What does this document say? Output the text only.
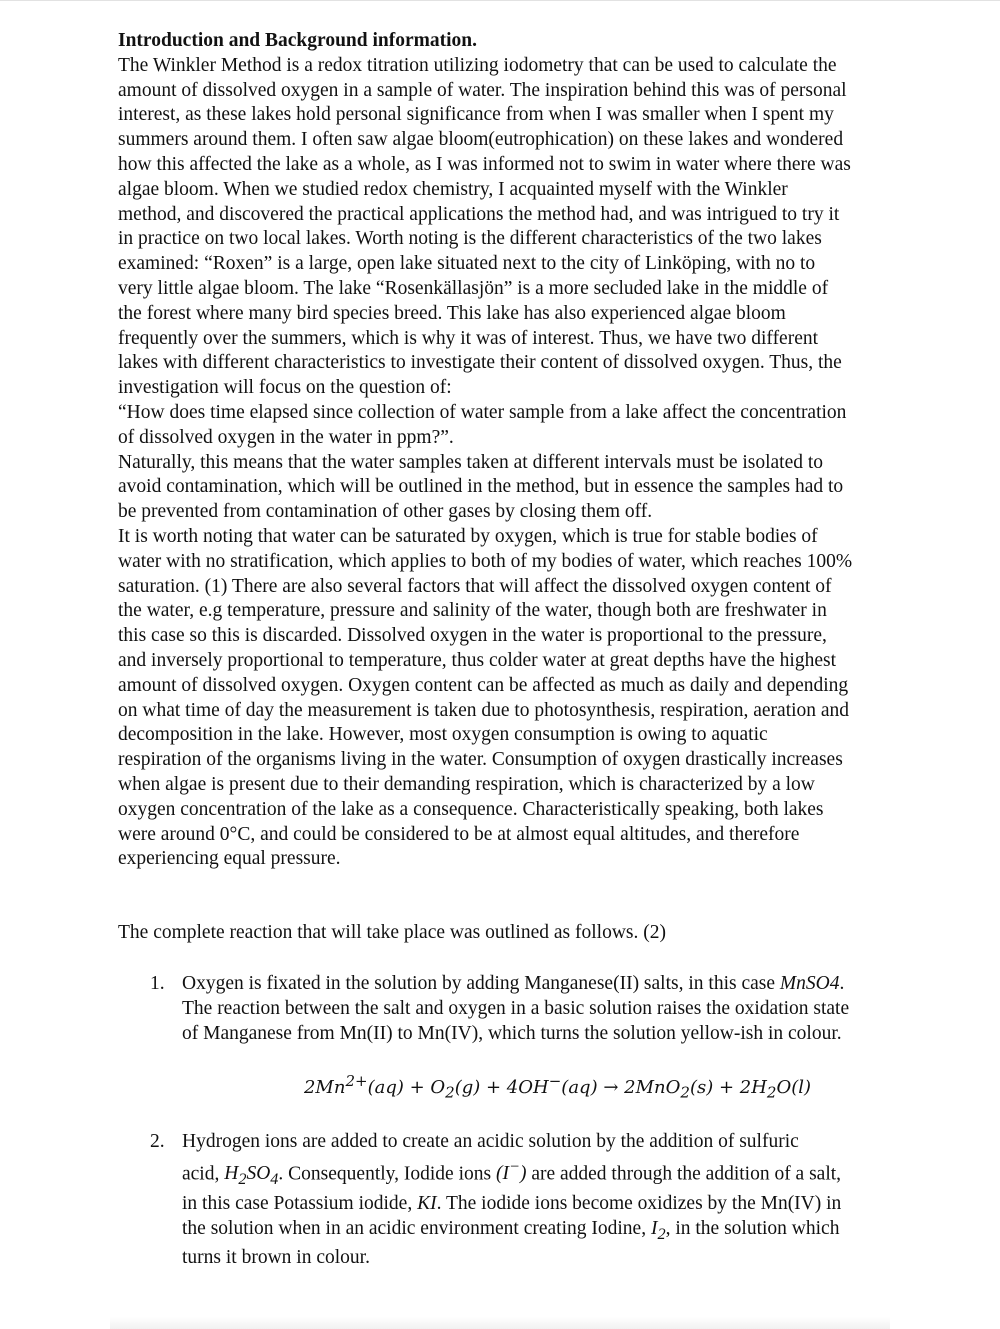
Introduction and Background information.

The Winkler Method is a redox titration utilizing iodometry that can be used to calculate the
amount of dissolved oxygen in a sample of water. The inspiration behind this was of personal
interest, as these lakes hold personal significance from when I was smaller when I spent my
summers around them. I often saw algae bloom(eutrophication) on these lakes and wondered
how this affected the lake as a whole, as I was informed not to swim in water where there was
algae bloom. When we studied redox chemistry, I acquainted myself with the Winkler
method, and discovered the practical applications the method had, and was intrigued to try it
in practice on two local lakes. Worth noting is the different characteristics of the two lakes
examined: “Roxen” is a large, open lake situated next to the city of Linköping, with no to
very little algae bloom. The lake “Rosenkällasjön” is a more secluded lake in the middle of
the forest where many bird species breed. This lake has also experienced algae bloom
frequently over the summers, which is why it was of interest. Thus, we have two different
lakes with different characteristics to investigate their content of dissolved oxygen. Thus, the
investigation will focus on the question of:
“How does time elapsed since collection of water sample from a lake affect the concentration
of dissolved oxygen in the water in ppm?”.
Naturally, this means that the water samples taken at different intervals must be isolated to
avoid contamination, which will be outlined in the method, but in essence the samples had to
be prevented from contamination of other gases by closing them off.
It is worth noting that water can be saturated by oxygen, which is true for stable bodies of
water with no stratification, which applies to both of my bodies of water, which reaches 100%
saturation. (1) There are also several factors that will affect the dissolved oxygen content of
the water, e.g temperature, pressure and salinity of the water, though both are freshwater in
this case so this is discarded. Dissolved oxygen in the water is proportional to the pressure,
and inversely proportional to temperature, thus colder water at great depths have the highest
amount of dissolved oxygen. Oxygen content can be affected as much as daily and depending
on what time of day the measurement is taken due to photosynthesis, respiration, aeration and
decomposition in the lake. However, most oxygen consumption is owing to aquatic
respiration of the organisms living in the water. Consumption of oxygen drastically increases
when algae is present due to their demanding respiration, which is characterized by a low
oxygen concentration of the lake as a consequence. Characteristically speaking, both lakes
were around 0°C, and could be considered to be at almost equal altitudes, and therefore
experiencing equal pressure.

The complete reaction that will take place was outlined as follows. (2)

1. Oxygen is fixated in the solution by adding Manganese(II) salts, in this case MnSO4.
The reaction between the salt and oxygen in a basic solution raises the oxidation state
of Manganese from Mn(II) to Mn(IV), which turns the solution yellow-ish in colour.
$2Mn^{2+}(aq) + O_2(g) + 4OH^-(aq) \to 2MnO_2(s) + 2H_2O(l)$
2. Hydrogen ions are added to create an acidic solution by the addition of sulfuric
acid, $H_2SO_4$. Consequently, Iodide ions (I−) are added through the addition of a salt,
in this case Potassium iodide, KI. The iodide ions become oxidizes by the Mn(IV) in
the solution when in an acidic environment creating Iodine, $I_2$, in the solution which
turns it brown in colour.
